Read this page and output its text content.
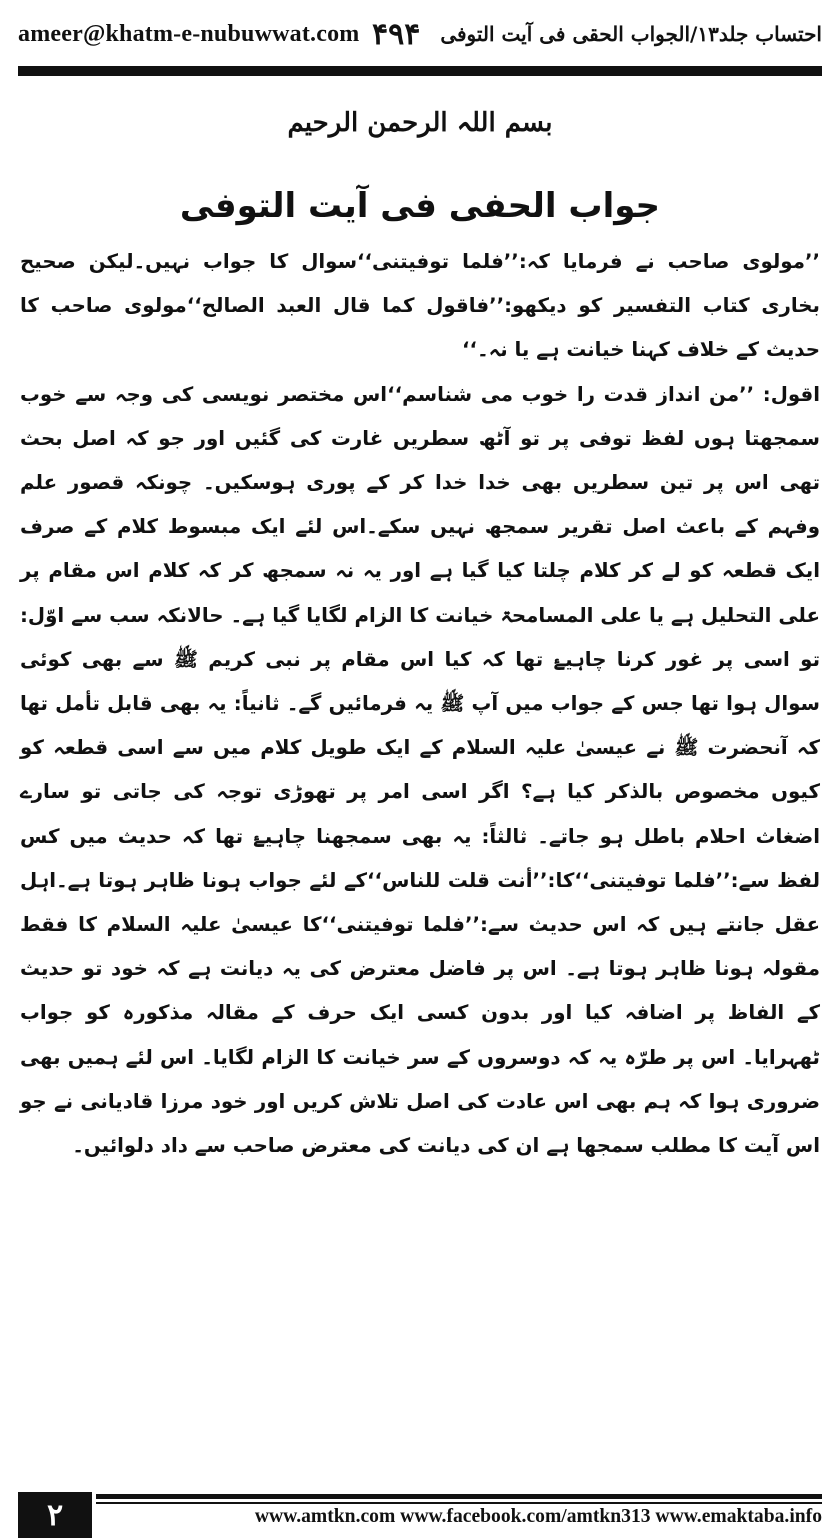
ameer@khatm-e-nubuwwat.com	احتساب جلد۱۳/الجواب الحقی فی آیت التوفی
۴۹۴
بسم اللہ الرحمن الرحیم
جواب الحفی فی آیت التوفی

’’مولوی صاحب نے فرمایا کہ:’’فلما توفیتنی‘‘سوال کا جواب نہیں۔لیکن صحیح بخاری کتاب التفسیر کو دیکھو:’’فاقول کما قال العبد الصالح‘‘مولوی صاحب کا حدیث کے خلاف کہنا خیانت ہے یا نہ۔‘‘

اقول: ’’من انداز قدت را خوب می شناسم‘‘اس مختصر نویسی کی وجہ سے خوب سمجھتا ہوں لفظ توفی پر تو آٹھ سطریں غارت کی گئیں اور جو کہ اصل بحث تھی اس پر تین سطریں بھی خدا خدا کر کے پوری ہوسکیں۔ چونکہ قصور علم وفہم کے باعث اصل تقریر سمجھ نہیں سکے۔اس لئے ایک مبسوط کلام کے صرف ایک قطعہ کو لے کر کلام چلتا کیا گیا ہے اور یہ نہ سمجھ کر کہ کلام اس مقام پر علی التحلیل ہے یا علی المسامحۃ خیانت کا الزام لگایا گیا ہے۔ حالانکہ سب سے اوّل: تو اسی پر غور کرنا چاہیۓ تھا کہ کیا اس مقام پر نبی کریم ﷺ سے بھی کوئی سوال ہوا تھا جس کے جواب میں آپ ﷺ یہ فرمائیں گے۔ ثانیاً: یہ بھی قابل تأمل تھا کہ آنحضرت ﷺ نے عیسیٰ علیہ السلام کے ایک طویل کلام میں سے اسی قطعہ کو کیوں مخصوص بالذکر کیا ہے؟ اگر اسی امر پر تھوڑی توجہ کی جاتی تو سارے اضغاث احلام باطل ہو جاتے۔ ثالثاً: یہ بھی سمجھنا چاہیۓ تھا کہ حدیث میں کس لفظ سے:’’فلما توفیتنی‘‘کا:’’أنت قلت للناس‘‘کے لئے جواب ہونا ظاہر ہوتا ہے۔اہل عقل جانتے ہیں کہ اس حدیث سے:’’فلما توفیتنی‘‘کا عیسیٰ علیہ السلام کا فقط مقولہ ہونا ظاہر ہوتا ہے۔ اس پر فاضل معترض کی یہ دیانت ہے کہ خود تو حدیث کے الفاظ پر اضافہ کیا اور بدون کسی ایک حرف کے مقالہ مذکورہ کو جواب ٹھہرایا۔ اس پر طرّہ یہ کہ دوسروں کے سر خیانت کا الزام لگایا۔ اس لئے ہمیں بھی ضروری ہوا کہ ہم بھی اس عادت کی اصل تلاش کریں اور خود مرزا قادیانی نے جو اس آیت کا مطلب سمجھا ہے ان کی دیانت کی معترض صاحب سے داد دلوائیں۔

۲	www.amtkn.com www.facebook.com/amtkn313 www.emaktaba.info
